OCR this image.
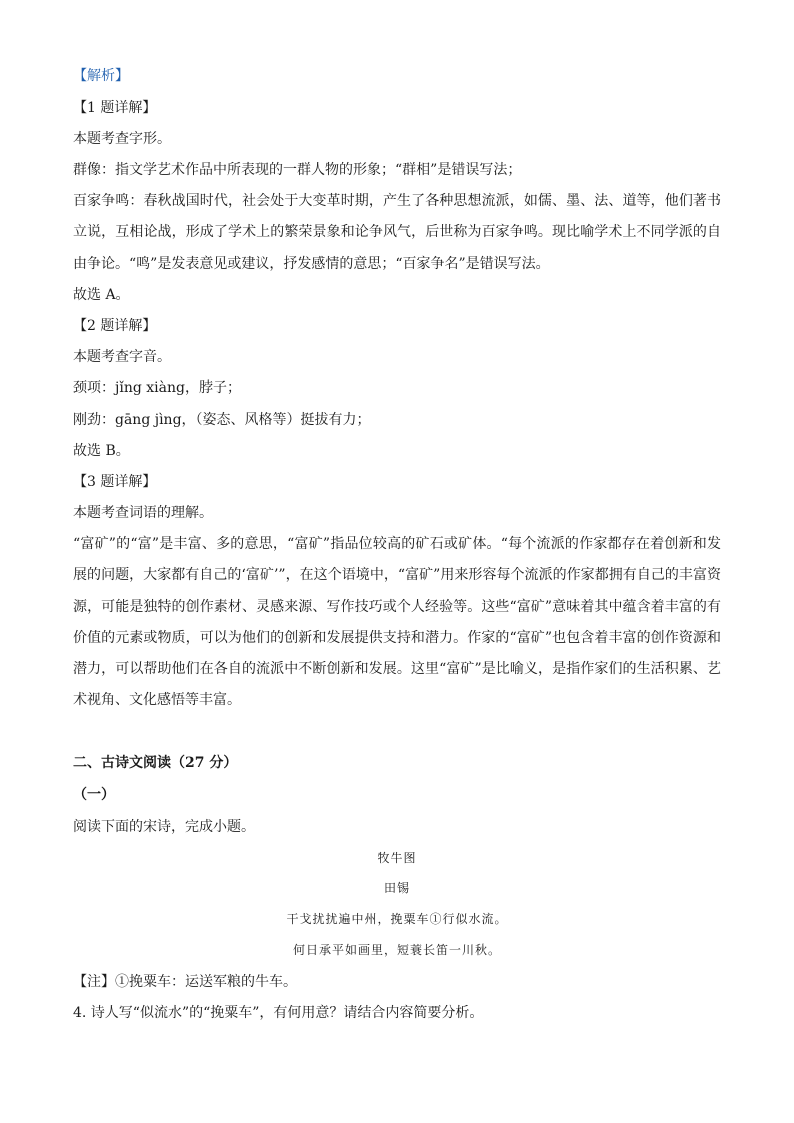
【解析】
【1 题详解】
本题考查字形。
群像：指文学艺术作品中所表现的一群人物的形象；“群相”是错误写法；
百家争鸣：春秋战国时代，社会处于大变革时期，产生了各种思想流派，如儒、墨、法、道等，他们著书立说，互相论战，形成了学术上的繁荣景象和论争风气，后世称为百家争鸣。现比喻学术上不同学派的自由争论。“鸣”是发表意见或建议，抒发感情的意思；“百家争名”是错误写法。
故选 A。
【2 题详解】
本题考查字音。
颈项：jǐng xiàng，脖子；
刚劲：gāng jìng，（姿态、风格等）挺拔有力；
故选 B。
【3 题详解】
本题考查词语的理解。
“富矿”的“富”是丰富、多的意思，“富矿”指品位较高的矿石或矿体。“每个流派的作家都存在着创新和发展的问题，大家都有自己的‘富矿’”，在这个语境中，“富矿”用来形容每个流派的作家都拥有自己的丰富资源，可能是独特的创作素材、灵感来源、写作技巧或个人经验等。这些“富矿”意味着其中蕴含着丰富的有价值的元素或物质，可以为他们的创新和发展提供支持和潜力。作家的“富矿”也包含着丰富的创作资源和潜力，可以帮助他们在各自的流派中不断创新和发展。这里“富矿”是比喻义，是指作家们的生活积累、艺术视角、文化感悟等丰富。
二、古诗文阅读（27 分）
（一）
阅读下面的宋诗，完成小题。
牧牛图
田锡
干戈扰扰遍中州，挽粟车①行似水流。
何日承平如画里，短蓑长笛一川秋。
【注】①挽粟车：运送军粮的牛车。
4. 诗人写“似流水”的“挽粟车”，有何用意？请结合内容简要分析。
